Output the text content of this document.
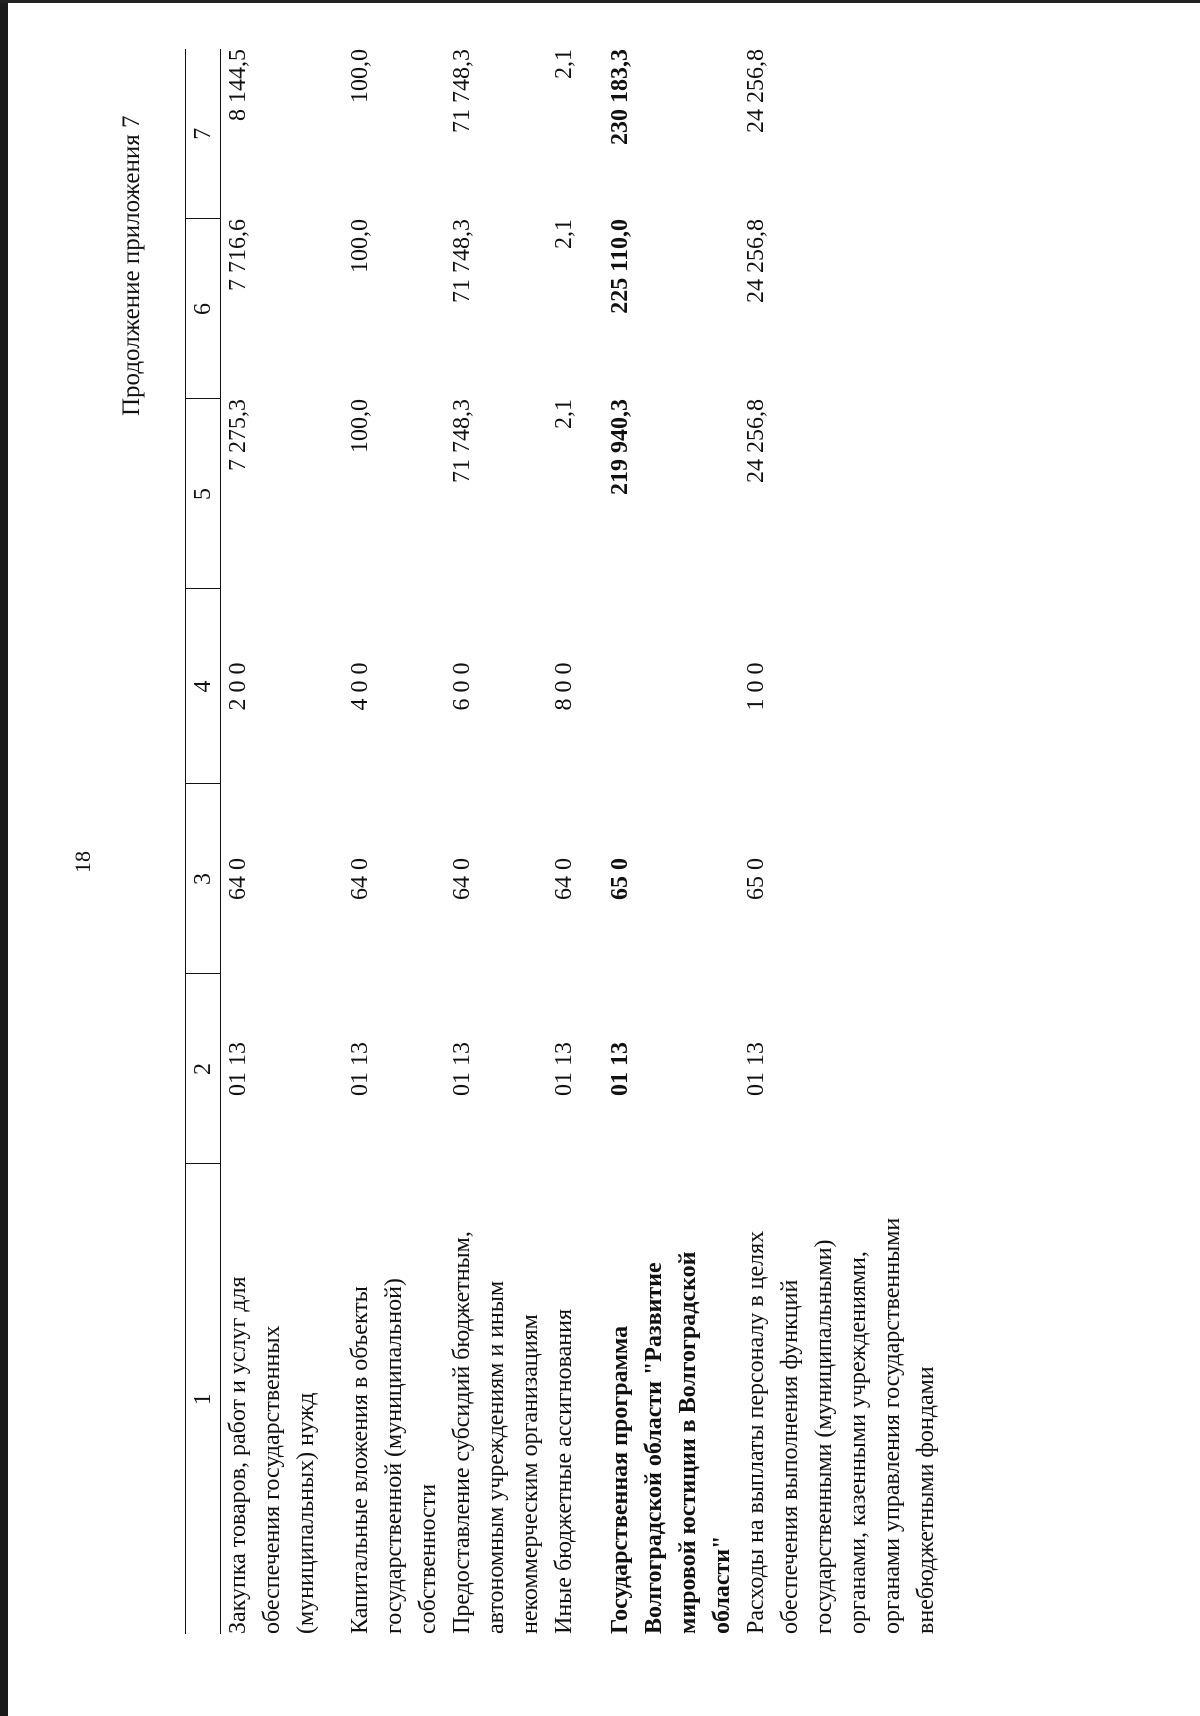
18
Продолжение приложения 7
1	2	3	4	5	6	7
Закупка товаров, работ и услуг для обеспечения государственных (муниципальных) нужд	01 13	64 0	2 0 0	7 275,3	7 716,6	8 144,5
Капитальные вложения в объекты государственной (муниципальной) собственности	01 13	64 0	4 0 0	100,0	100,0	100,0
Предоставление субсидий бюджетным, автономным учреждениям и иным некоммерческим организациям	01 13	64 0	6 0 0	71 748,3	71 748,3	71 748,3
Иные бюджетные ассигнования	01 13	64 0	8 0 0	2,1	2,1	2,1
Государственная программа Волгоградской области "Развитие мировой юстиции в Волгоградской области"	01 13	65 0		219 940,3	225 110,0	230 183,3
Расходы на выплаты персоналу в целях обеспечения выполнения функций государственными (муниципальными) органами, казенными учреждениями, органами управления государственными внебюджетными фондами	01 13	65 0	1 0 0	24 256,8	24 256,8	24 256,8
